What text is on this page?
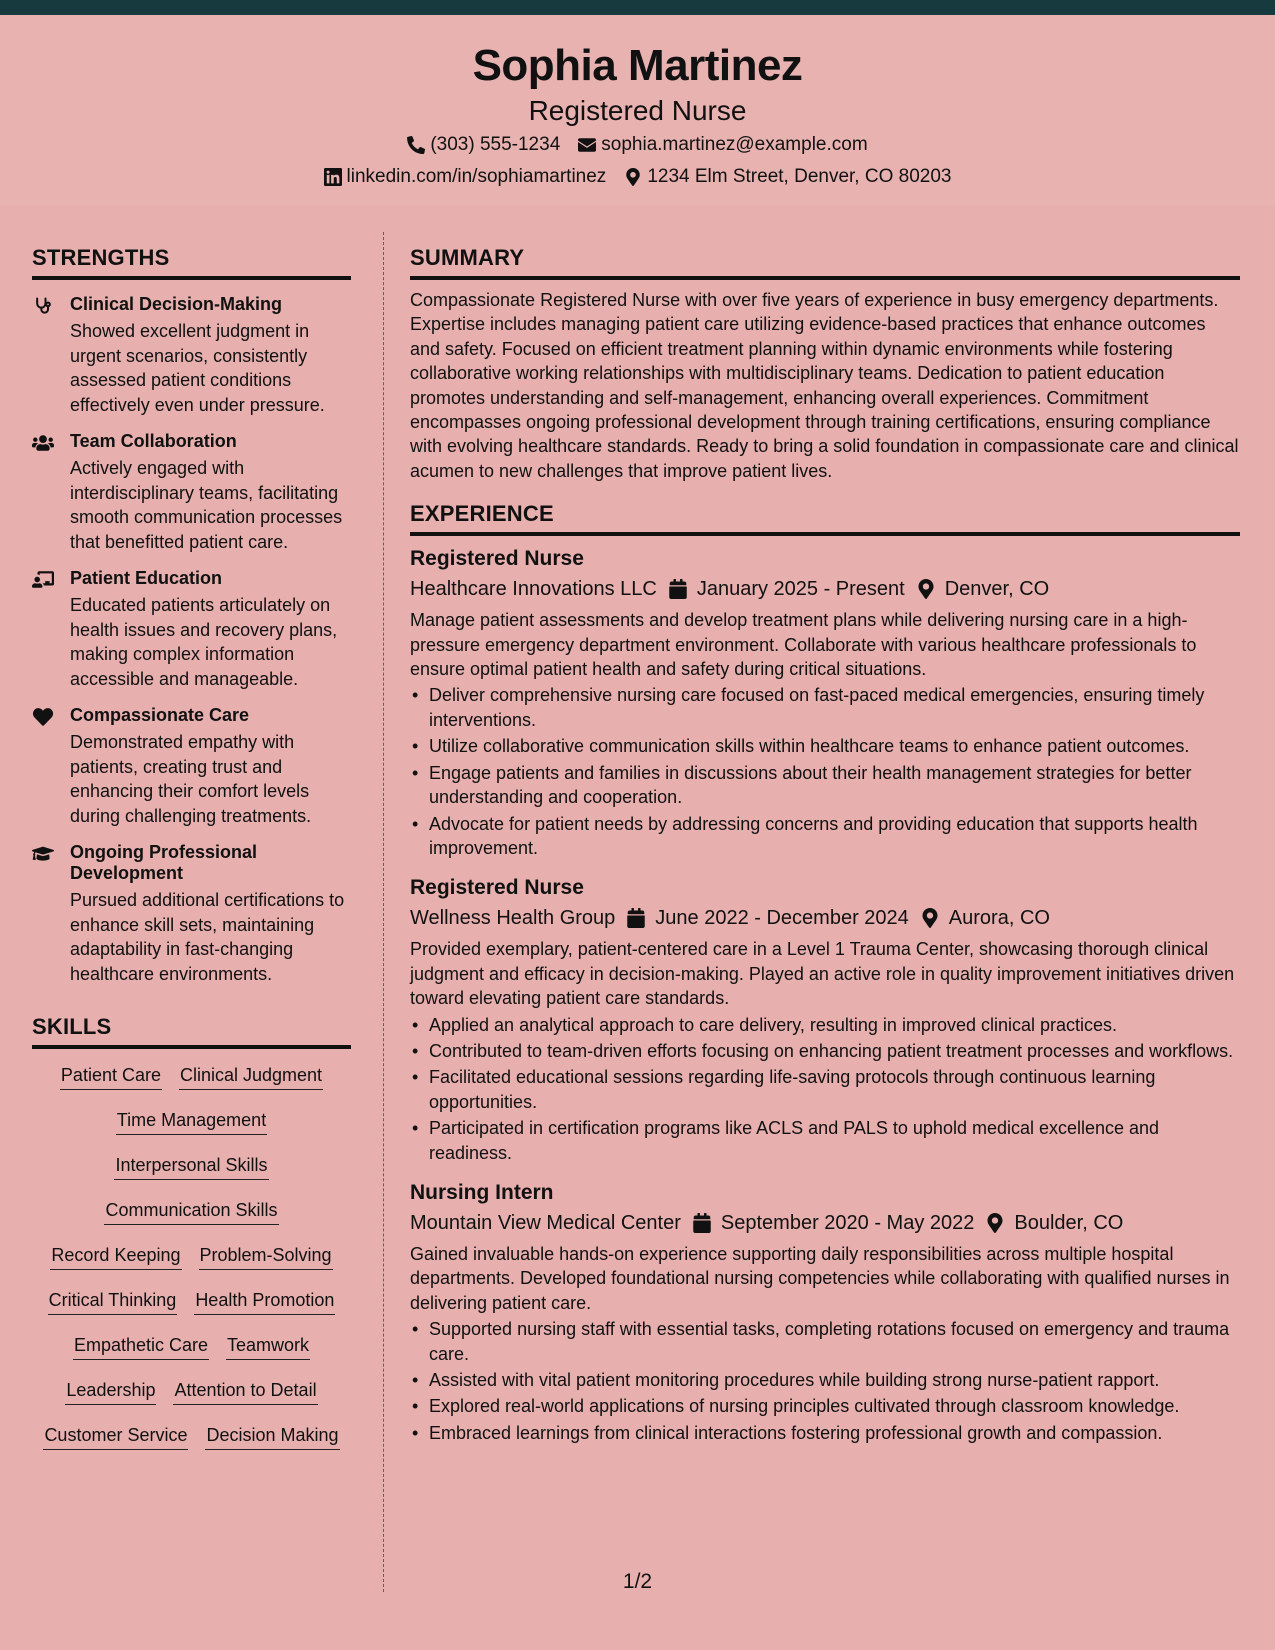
Sophia Martinez
Registered Nurse
(303) 555-1234 sophia.martinez@example.com
linkedin.com/in/sophiamartinez 1234 Elm Street, Denver, CO 80203
STRENGTHS
Clinical Decision-Making
Showed excellent judgment in urgent scenarios, consistently assessed patient conditions effectively even under pressure.
Team Collaboration
Actively engaged with interdisciplinary teams, facilitating smooth communication processes that benefitted patient care.
Patient Education
Educated patients articulately on health issues and recovery plans, making complex information accessible and manageable.
Compassionate Care
Demonstrated empathy with patients, creating trust and enhancing their comfort levels during challenging treatments.
Ongoing Professional Development
Pursued additional certifications to enhance skill sets, maintaining adaptability in fast-changing healthcare environments.
SKILLS
Patient Care Clinical Judgment
Time Management
Interpersonal Skills
Communication Skills
Record Keeping Problem-Solving
Critical Thinking Health Promotion
Empathetic Care Teamwork
Leadership Attention to Detail
Customer Service Decision Making
SUMMARY
Compassionate Registered Nurse with over five years of experience in busy emergency departments. Expertise includes managing patient care utilizing evidence-based practices that enhance outcomes and safety. Focused on efficient treatment planning within dynamic environments while fostering collaborative working relationships with multidisciplinary teams. Dedication to patient education promotes understanding and self-management, enhancing overall experiences. Commitment encompasses ongoing professional development through training certifications, ensuring compliance with evolving healthcare standards. Ready to bring a solid foundation in compassionate care and clinical acumen to new challenges that improve patient lives.
EXPERIENCE
Registered Nurse
Healthcare Innovations LLC January 2025 - Present Denver, CO
Manage patient assessments and develop treatment plans while delivering nursing care in a high-pressure emergency department environment. Collaborate with various healthcare professionals to ensure optimal patient health and safety during critical situations.
• Deliver comprehensive nursing care focused on fast-paced medical emergencies, ensuring timely interventions.
• Utilize collaborative communication skills within healthcare teams to enhance patient outcomes.
• Engage patients and families in discussions about their health management strategies for better understanding and cooperation.
• Advocate for patient needs by addressing concerns and providing education that supports health improvement.
Registered Nurse
Wellness Health Group June 2022 - December 2024 Aurora, CO
Provided exemplary, patient-centered care in a Level 1 Trauma Center, showcasing thorough clinical judgment and efficacy in decision-making. Played an active role in quality improvement initiatives driven toward elevating patient care standards.
• Applied an analytical approach to care delivery, resulting in improved clinical practices.
• Contributed to team-driven efforts focusing on enhancing patient treatment processes and workflows.
• Facilitated educational sessions regarding life-saving protocols through continuous learning opportunities.
• Participated in certification programs like ACLS and PALS to uphold medical excellence and readiness.
Nursing Intern
Mountain View Medical Center September 2020 - May 2022 Boulder, CO
Gained invaluable hands-on experience supporting daily responsibilities across multiple hospital departments. Developed foundational nursing competencies while collaborating with qualified nurses in delivering patient care.
• Supported nursing staff with essential tasks, completing rotations focused on emergency and trauma care.
• Assisted with vital patient monitoring procedures while building strong nurse-patient rapport.
• Explored real-world applications of nursing principles cultivated through classroom knowledge.
• Embraced learnings from clinical interactions fostering professional growth and compassion.
1/2
